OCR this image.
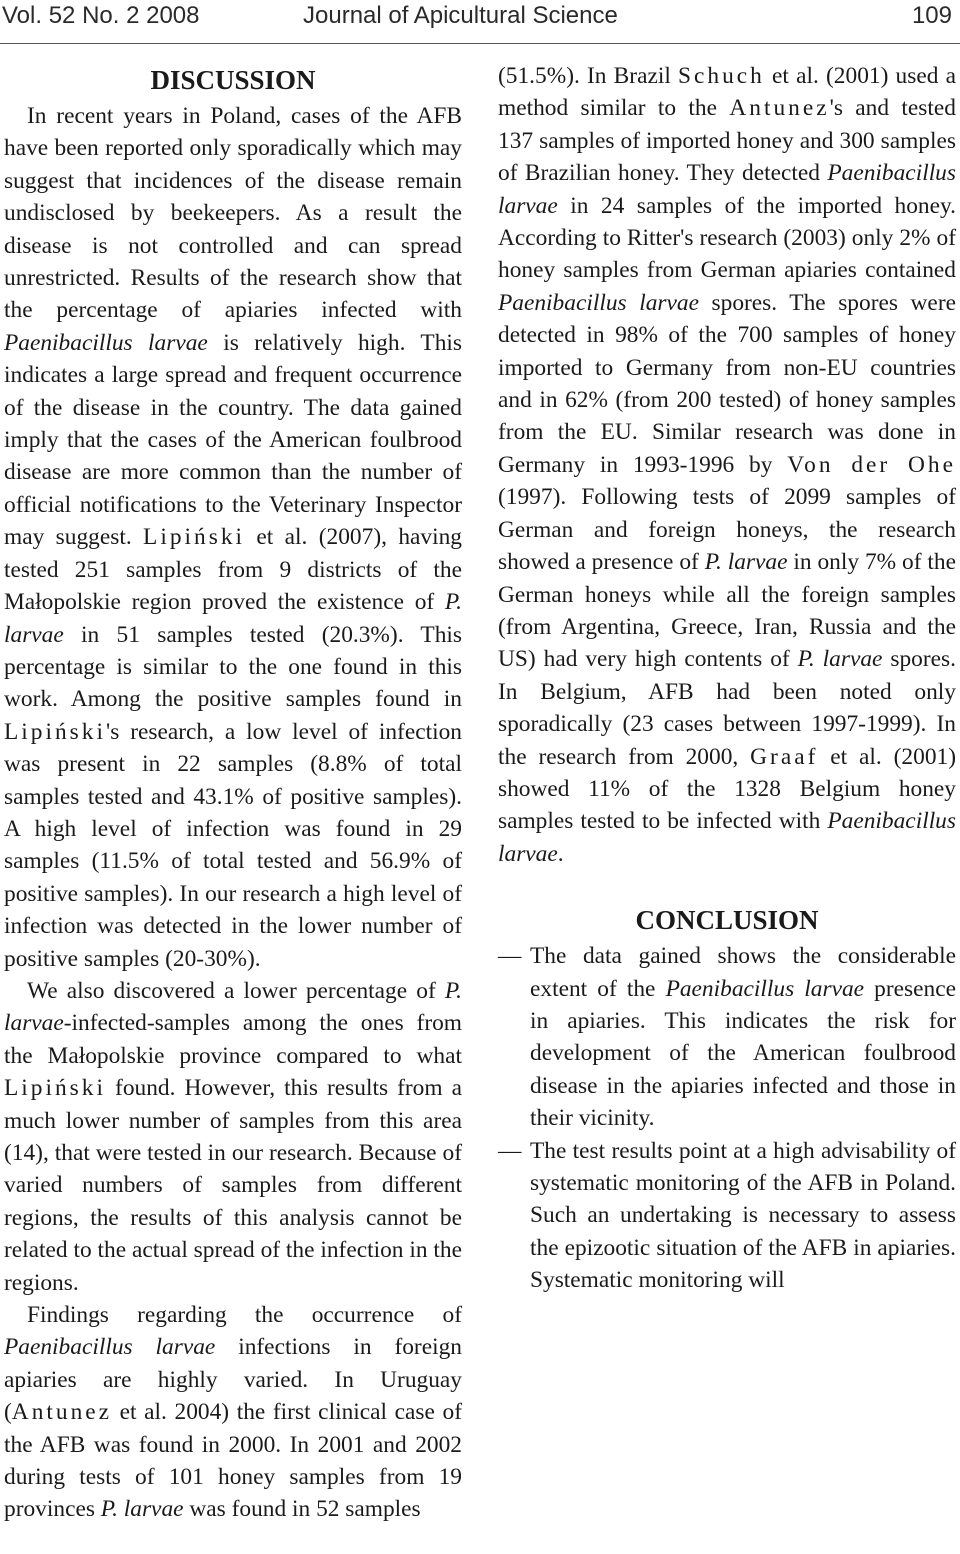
Vol. 52 No. 2 2008	Journal of Apicultural Science	109
DISCUSSION

In recent years in Poland, cases of the AFB have been reported only sporadically which may suggest that incidences of the disease remain undisclosed by beekeepers. As a result the disease is not controlled and can spread unrestricted. Results of the research show that the percentage of apiaries infected with Paenibacillus larvae is relatively high. This indicates a large spread and frequent occurrence of the disease in the country. The data gained imply that the cases of the American foulbrood disease are more common than the number of official notifications to the Veterinary Inspector may suggest. Lipiński et al. (2007), having tested 251 samples from 9 districts of the Małopolskie region proved the existence of P. larvae in 51 samples tested (20.3%). This percentage is similar to the one found in this work. Among the positive samples found in Lipiński's research, a low level of infection was present in 22 samples (8.8% of total samples tested and 43.1% of positive samples). A high level of infection was found in 29 samples (11.5% of total tested and 56.9% of positive samples). In our research a high level of infection was detected in the lower number of positive samples (20-30%).

We also discovered a lower percentage of P. larvae-infected-samples among the ones from the Małopolskie province compared to what Lipiński found. However, this results from a much lower number of samples from this area (14), that were tested in our research. Because of varied numbers of samples from different regions, the results of this analysis cannot be related to the actual spread of the infection in the regions.

Findings regarding the occurrence of Paenibacillus larvae infections in foreign apiaries are highly varied. In Uruguay (Antunez et al. 2004) the first clinical case of the AFB was found in 2000. In 2001 and 2002 during tests of 101 honey samples from 19 provinces P. larvae was found in 52 samples

(51.5%). In Brazil Schuch et al. (2001) used a method similar to the Antunez's and tested 137 samples of imported honey and 300 samples of Brazilian honey. They detected Paenibacillus larvae in 24 samples of the imported honey. According to Ritter's research (2003) only 2% of honey samples from German apiaries contained Paenibacillus larvae spores. The spores were detected in 98% of the 700 samples of honey imported to Germany from non-EU countries and in 62% (from 200 tested) of honey samples from the EU. Similar research was done in Germany in 1993-1996 by Von der Ohe (1997). Following tests of 2099 samples of German and foreign honeys, the research showed a presence of P. larvae in only 7% of the German honeys while all the foreign samples (from Argentina, Greece, Iran, Russia and the US) had very high contents of P. larvae spores. In Belgium, AFB had been noted only sporadically (23 cases between 1997-1999). In the research from 2000, Graaf et al. (2001) showed 11% of the 1328 Belgium honey samples tested to be infected with Paenibacillus larvae.

CONCLUSION
— The data gained shows the considerable extent of the Paenibacillus larvae presence in apiaries. This indicates the risk for development of the American foulbrood disease in the apiaries infected and those in their vicinity.
— The test results point at a high advisability of systematic monitoring of the AFB in Poland. Such an undertaking is necessary to assess the epizootic situation of the AFB in apiaries. Systematic monitoring will
